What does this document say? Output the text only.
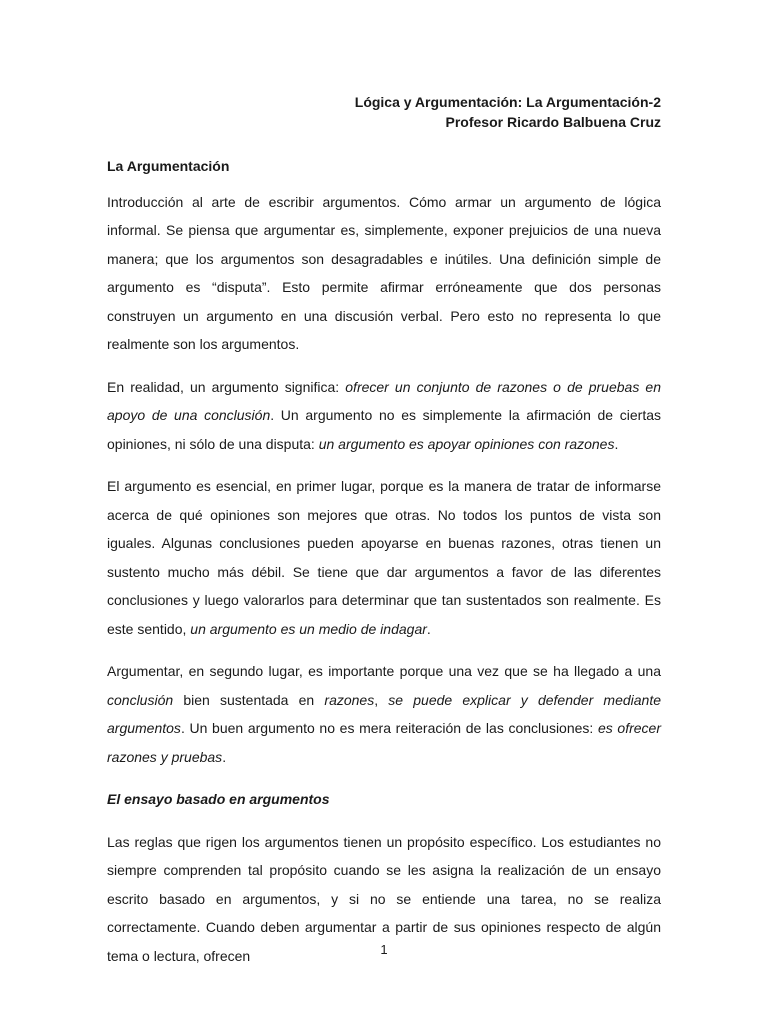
Lógica y Argumentación: La Argumentación-2
Profesor Ricardo Balbuena Cruz
La Argumentación

Introducción al arte de escribir argumentos. Cómo armar un argumento de lógica informal. Se piensa que argumentar es, simplemente, exponer prejuicios de una nueva manera; que los argumentos son desagradables e inútiles. Una definición simple de argumento es “disputa”. Esto permite afirmar erróneamente que dos personas construyen un argumento en una discusión verbal. Pero esto no representa lo que realmente son los argumentos.

En realidad, un argumento significa: ofrecer un conjunto de razones o de pruebas en apoyo de una conclusión. Un argumento no es simplemente la afirmación de ciertas opiniones, ni sólo de una disputa: un argumento es apoyar opiniones con razones.

El argumento es esencial, en primer lugar, porque es la manera de tratar de informarse acerca de qué opiniones son mejores que otras. No todos los puntos de vista son iguales. Algunas conclusiones pueden apoyarse en buenas razones, otras tienen un sustento mucho más débil. Se tiene que dar argumentos a favor de las diferentes conclusiones y luego valorarlos para determinar que tan sustentados son realmente. Es este sentido, un argumento es un medio de indagar.

Argumentar, en segundo lugar, es importante porque una vez que se ha llegado a una conclusión bien sustentada en razones, se puede explicar y defender mediante argumentos. Un buen argumento no es mera reiteración de las conclusiones: es ofrecer razones y pruebas.

El ensayo basado en argumentos

Las reglas que rigen los argumentos tienen un propósito específico. Los estudiantes no siempre comprenden tal propósito cuando se les asigna la realización de un ensayo escrito basado en argumentos, y si no se entiende una tarea, no se realiza correctamente. Cuando deben argumentar a partir de sus opiniones respecto de algún tema o lectura, ofrecen	1
